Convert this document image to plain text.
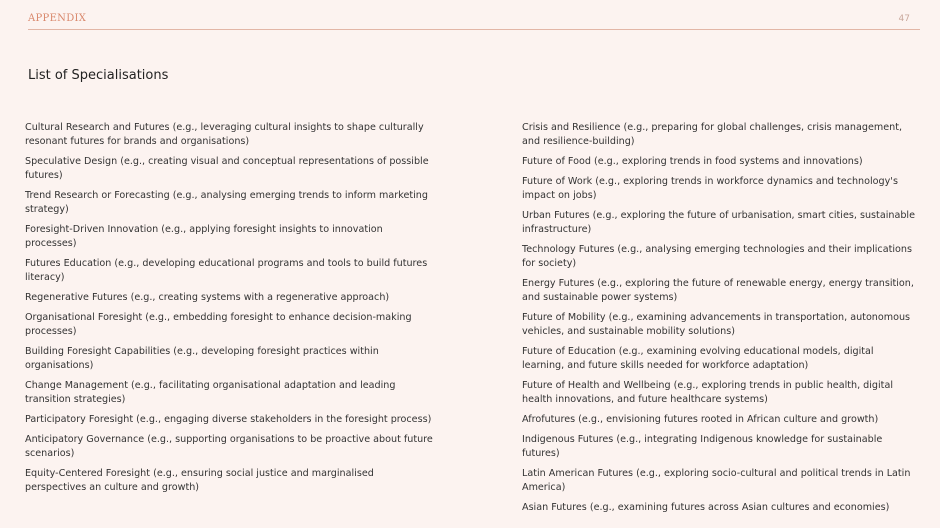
APPENDIX	47
List of Specialisations
Cultural Research and Futures (e.g., leveraging cultural insights to shape culturally resonant futures for brands and organisations)
Speculative Design (e.g., creating visual and conceptual representations of possible futures)
Trend Research or Forecasting (e.g., analysing emerging trends to inform marketing strategy)
Foresight-Driven Innovation (e.g., applying foresight insights to innovation processes)
Futures Education (e.g., developing educational programs and tools to build futures literacy)
Regenerative Futures (e.g., creating systems with a regenerative approach)
Organisational Foresight (e.g., embedding foresight to enhance decision-making processes)
Building Foresight Capabilities (e.g., developing foresight practices within organisations)
Change Management (e.g., facilitating organisational adaptation and leading transition strategies)
Participatory Foresight (e.g., engaging diverse stakeholders in the foresight process)
Anticipatory Governance (e.g., supporting organisations to be proactive about future scenarios)
Equity-Centered Foresight (e.g., ensuring social justice and marginalised perspectives an culture and growth)
Crisis and Resilience (e.g., preparing for global challenges, crisis management, and resilience-building)
Future of Food (e.g., exploring trends in food systems and innovations)
Future of Work (e.g., exploring trends in workforce dynamics and technology's impact on jobs)
Urban Futures (e.g., exploring the future of urbanisation, smart cities, sustainable infrastructure)
Technology Futures (e.g., analysing emerging technologies and their implications for society)
Energy Futures (e.g., exploring the future of renewable energy, energy transition, and sustainable power systems)
Future of Mobility (e.g., examining advancements in transportation, autonomous vehicles, and sustainable mobility solutions)
Future of Education (e.g., examining evolving educational models, digital learning, and future skills needed for workforce adaptation)
Future of Health and Wellbeing (e.g., exploring trends in public health, digital health innovations, and future healthcare systems)
Afrofutures (e.g., envisioning futures rooted in African culture and growth)
Indigenous Futures (e.g., integrating Indigenous knowledge for sustainable futures)
Latin American Futures (e.g., exploring socio-cultural and political trends in Latin America)
Asian Futures (e.g., examining futures across Asian cultures and economies)
